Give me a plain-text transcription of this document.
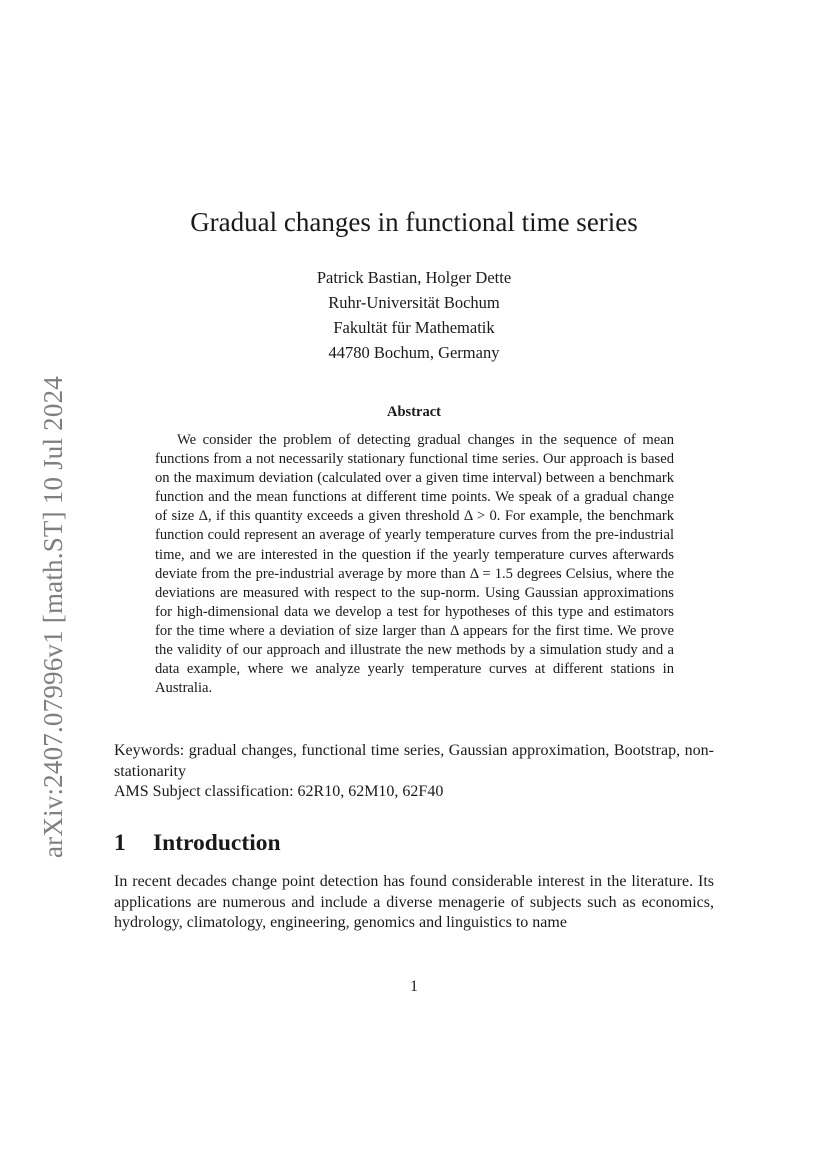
arXiv:2407.07996v1 [math.ST] 10 Jul 2024
Gradual changes in functional time series
Patrick Bastian, Holger Dette
Ruhr-Universität Bochum
Fakultät für Mathematik
44780 Bochum, Germany
Abstract

We consider the problem of detecting gradual changes in the sequence of mean functions from a not necessarily stationary functional time series. Our approach is based on the maximum deviation (calculated over a given time interval) between a benchmark function and the mean functions at different time points. We speak of a gradual change of size Δ, if this quantity exceeds a given threshold Δ > 0. For example, the benchmark function could represent an average of yearly temperature curves from the pre-industrial time, and we are interested in the question if the yearly temperature curves afterwards deviate from the pre-industrial average by more than Δ = 1.5 degrees Celsius, where the deviations are measured with respect to the sup-norm. Using Gaussian approximations for high-dimensional data we develop a test for hypotheses of this type and estimators for the time where a deviation of size larger than Δ appears for the first time. We prove the validity of our approach and illustrate the new methods by a simulation study and a data example, where we analyze yearly temperature curves at different stations in Australia.

Keywords: gradual changes, functional time series, Gaussian approximation, Bootstrap, non-stationarity

AMS Subject classification: 62R10, 62M10, 62F40
1 Introduction

In recent decades change point detection has found considerable interest in the literature. Its applications are numerous and include a diverse menagerie of subjects such as economics, hydrology, climatology, engineering, genomics and linguistics to name

1
